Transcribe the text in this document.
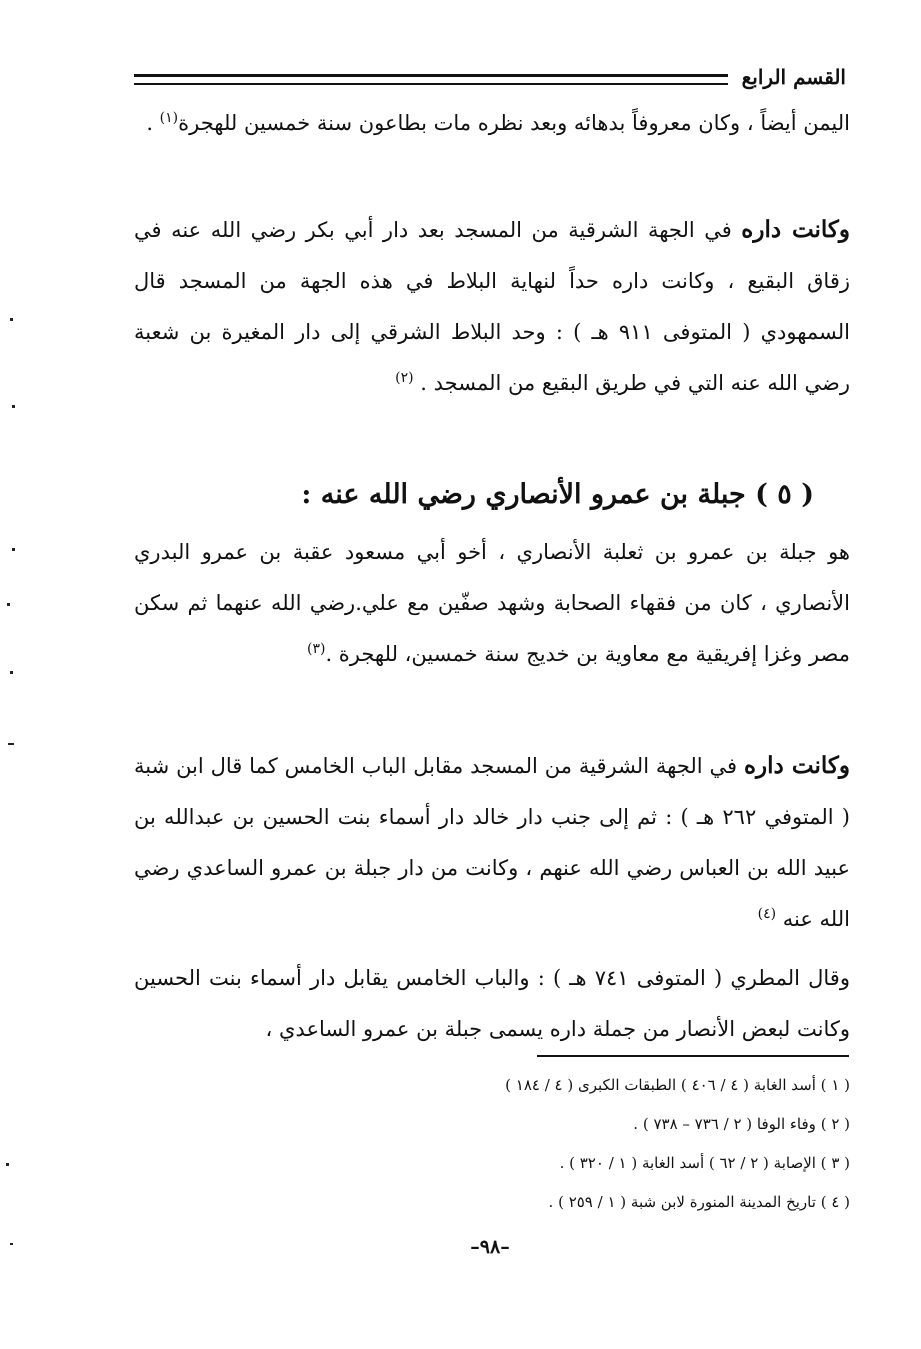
القسم الرابع

اليمن أيضاً ، وكان معروفاً بدهائه وبعد نظره مات بطاعون سنة خمسين للهجرة$^{(١)}$ .

وكانت داره في الجهة الشرقية من المسجد بعد دار أبي بكر رضي الله عنه في زقاق البقيع ، وكانت داره حداً لنهاية البلاط في هذه الجهة من المسجد قال السمهودي ( المتوفى ٩١١ هـ ) : وحد البلاط الشرقي إلى دار المغيرة بن شعبة رضي الله عنه التي في طريق البقيع من المسجد . $^{(٢)}$

( ٥ ) جبلة بن عمرو الأنصاري رضي الله عنه :

هو جبلة بن عمرو بن ثعلبة الأنصاري ، أخو أبي مسعود عقبة بن عمرو البدري الأنصاري ، كان من فقهاء الصحابة وشهد صفّين مع علي.رضي الله عنهما ثم سكن مصر وغزا إفريقية مع معاوية بن خديج سنة خمسين، للهجرة .$^{(٣)}$

وكانت داره في الجهة الشرقية من المسجد مقابل الباب الخامس كما قال ابن شبة ( المتوفي ٢٦٢ هـ ) : ثم إلى جنب دار خالد دار أسماء بنت الحسين بن عبدالله بن عبيد الله بن العباس رضي الله عنهم ، وكانت من دار جبلة بن عمرو الساعدي رضي الله عنه $^{(٤)}$

وقال المطري ( المتوفى ٧٤١ هـ ) : والباب الخامس يقابل دار أسماء بنت الحسين وكانت لبعض الأنصار من جملة داره يسمى جبلة بن عمرو الساعدي ،

( ١ ) أسد الغابة ( ٤ / ٤٠٦ ) الطبقات الكبرى ( ٤ / ١٨٤ )
( ٢ ) وفاء الوفا ( ٢ / ٧٣٦ – ٧٣٨ ) .
( ٣ ) الإصابة ( ٢ / ٦٢ ) أسد الغابة ( ١ / ٣٢٠ ) .
( ٤ ) تاريخ المدينة المنورة لابن شبة ( ١ / ٢٥٩ ) .
–٩٨–
